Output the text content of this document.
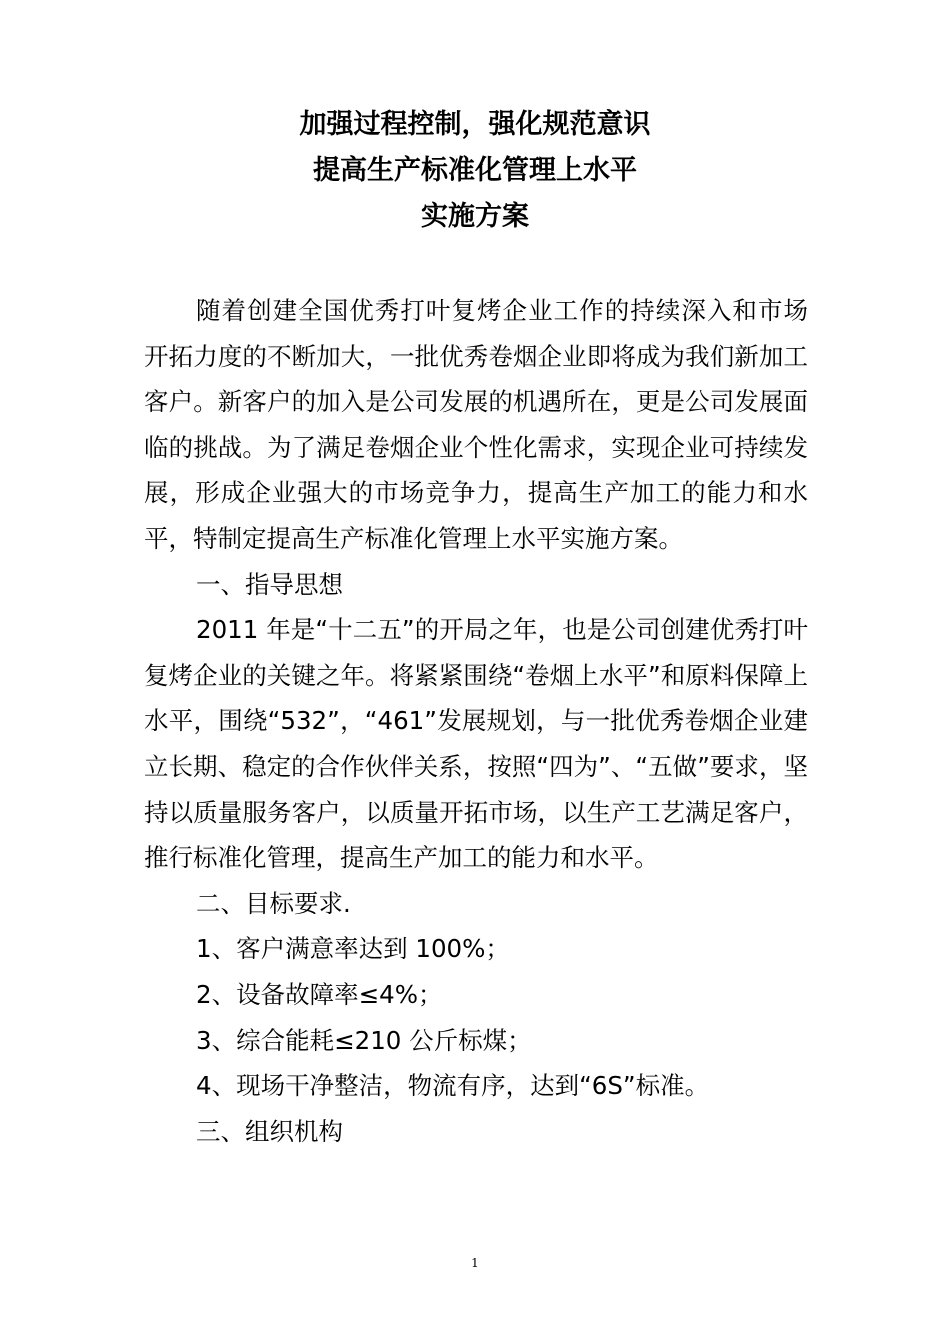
加强过程控制，强化规范意识
提高生产标准化管理上水平
实施方案

随着创建全国优秀打叶复烤企业工作的持续深入和市场开拓力度的不断加大，一批优秀卷烟企业即将成为我们新加工客户。新客户的加入是公司发展的机遇所在，更是公司发展面临的挑战。为了满足卷烟企业个性化需求，实现企业可持续发展，形成企业强大的市场竞争力，提高生产加工的能力和水平，特制定提高生产标准化管理上水平实施方案。

一、指导思想

2011 年是“十二五”的开局之年，也是公司创建优秀打叶复烤企业的关键之年。将紧紧围绕“卷烟上水平”和原料保障上水平，围绕“532”，“461”发展规划，与一批优秀卷烟企业建立长期、稳定的合作伙伴关系，按照“四为”、“五做”要求，坚持以质量服务客户，以质量开拓市场，以生产工艺满足客户，推行标准化管理，提高生产加工的能力和水平。

二、目标要求.

1、客户满意率达到 100%；

2、设备故障率≤4%；

3、综合能耗≤210 公斤标煤；

4、现场干净整洁，物流有序，达到“6S”标准。

三、组织机构

1
